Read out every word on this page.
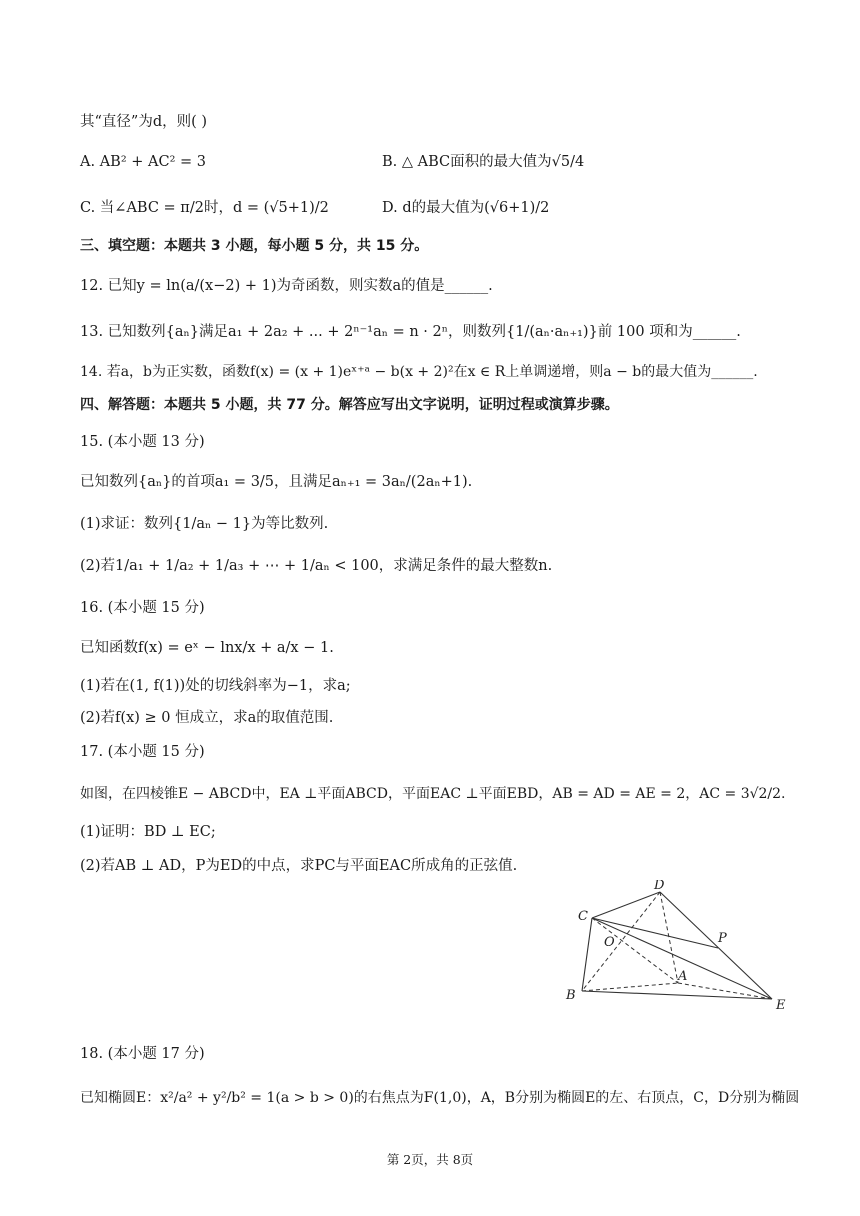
其“直径”为d，则( )
A. AB² + AC² = 3	B. △ ABC面积的最大值为√5/4
C. 当∠ABC = π/2时，d = (√5+1)/2	D. d的最大值为(√6+1)/2
三、填空题：本题共 3 小题，每小题 5 分，共 15 分。
12. 已知y = ln(a/(x−2) + 1)为奇函数，则实数a的值是______.
13. 已知数列{aₙ}满足a₁ + 2a₂ + ... + 2ⁿ⁻¹aₙ = n · 2ⁿ，则数列{1/(aₙ·aₙ₊₁)}前 100 项和为______.
14. 若a，b为正实数，函数f(x) = (x + 1)eˣ⁺ᵃ − b(x + 2)²在x ∈ R上单调递增，则a − b的最大值为______.
四、解答题：本题共 5 小题，共 77 分。解答应写出文字说明，证明过程或演算步骤。
15. (本小题 13 分)
已知数列{aₙ}的首项a₁ = 3/5，且满足aₙ₊₁ = 3aₙ/(2aₙ+1).
(1)求证：数列{1/aₙ − 1}为等比数列.
(2)若1/a₁ + 1/a₂ + 1/a₃ + ⋯ + 1/aₙ < 100，求满足条件的最大整数n.
16. (本小题 15 分)
已知函数f(x) = eˣ − lnx/x + a/x − 1.
(1)若在(1, f(1))处的切线斜率为−1，求a;
(2)若f(x) ≥ 0 恒成立，求a的取值范围.
17. (本小题 15 分)
如图，在四棱锥E − ABCD中，EA ⊥平面ABCD，平面EAC ⊥平面EBD，AB = AD = AE = 2，AC = 3√2/2.
(1)证明：BD ⊥ EC;
(2)若AB ⊥ AD，P为ED的中点，求PC与平面EAC所成角的正弦值.
C
D
O	P
A
B
E
18. (本小题 17 分)
已知椭圆E：x²/a² + y²/b² = 1(a > b > 0)的右焦点为F(1,0)，A，B分别为椭圆E的左、右顶点，C，D分别为椭圆
第 2页，共 8页
